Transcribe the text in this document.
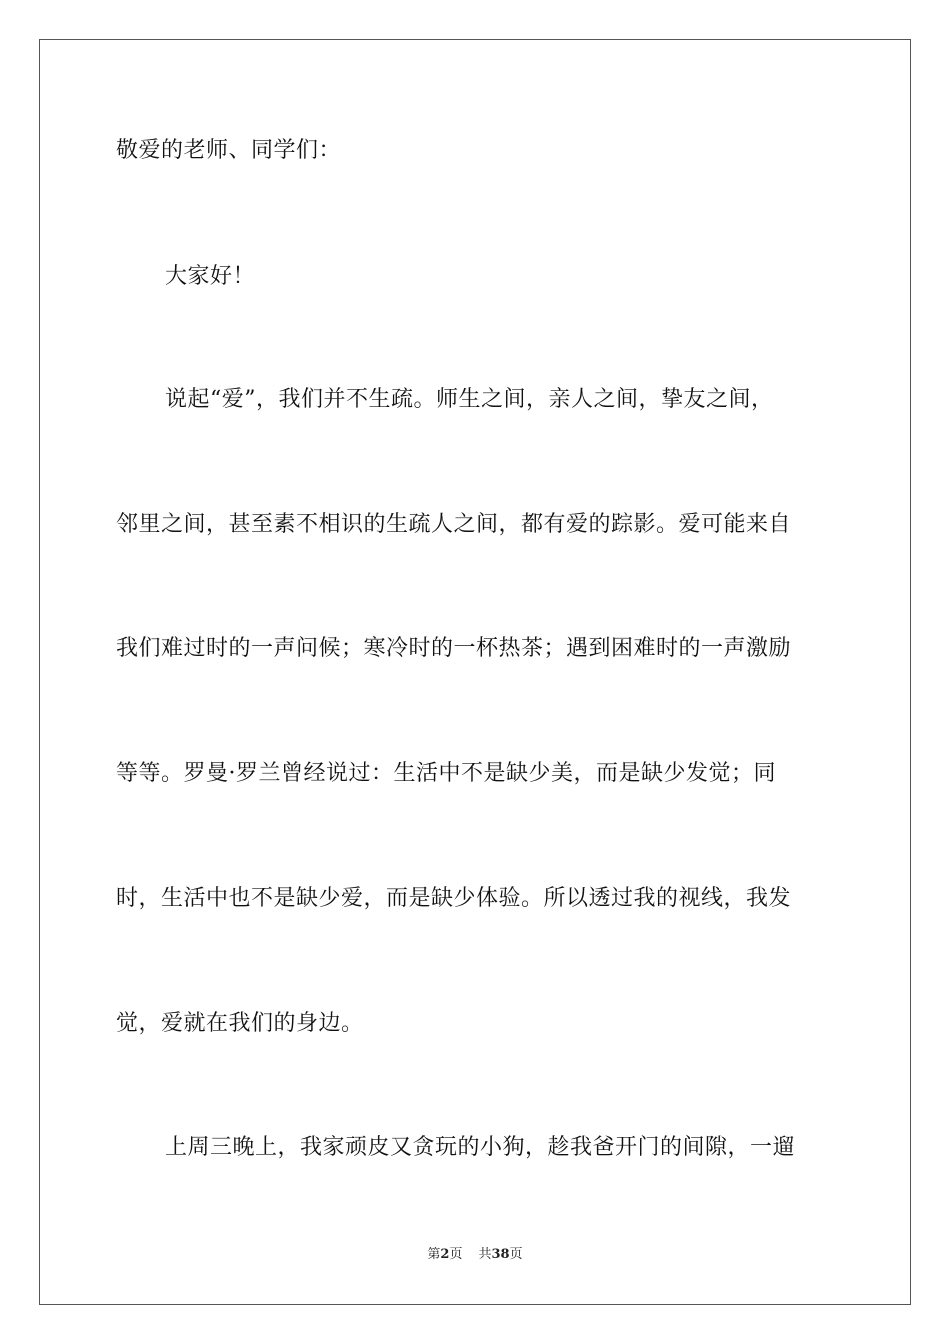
敬爱的老师、同学们：
大家好！
说起“爱”，我们并不生疏。师生之间，亲人之间，挚友之间，
邻里之间，甚至素不相识的生疏人之间，都有爱的踪影。爱可能来自
我们难过时的一声问候；寒冷时的一杯热茶；遇到困难时的一声激励
等等。罗曼·罗兰曾经说过：生活中不是缺少美，而是缺少发觉；同
时，生活中也不是缺少爱，而是缺少体验。所以透过我的视线，我发
觉，爱就在我们的身边。
上周三晚上，我家顽皮又贪玩的小狗，趁我爸开门的间隙，一遛
第2页 共38页
